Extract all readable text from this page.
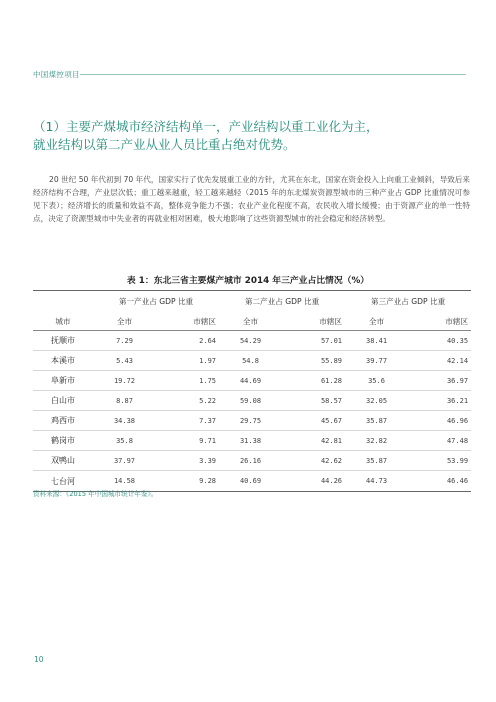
中国煤控项目
（1）主要产煤城市经济结构单一，产业结构以重工业化为主，
就业结构以第二产业从业人员比重占绝对优势。

20 世纪 50 年代初到 70 年代，国家实行了优先发展重工业的方针，尤其在东北，国家在资金投入上向重工业倾斜，导致后来经济结构不合理，产业层次低；重工越来越重，轻工越来越轻（2015 年的东北煤炭资源型城市的三种产业占 GDP 比重情况可参见下表）；经济增长的质量和效益不高，整体竞争能力不强；农业产业化程度不高，农民收入增长缓慢；由于资源产业的单一性特点，决定了资源型城市中失业者的再就业相对困难，极大地影响了这些资源型城市的社会稳定和经济转型。

表 1：东北三省主要煤产城市 2014 年三产业占比情况（%）
	第一产业占 GDP 比重		第二产业占 GDP 比重		第三产业占 GDP 比重	
城市	全市	市辖区	全市	市辖区	全市	市辖区
抚顺市	7.29	2.64	54.29	57.01	38.41	40.35
本溪市	5.43	1.97	54.8	55.89	39.77	42.14
阜新市	19.72	1.75	44.69	61.28	35.6	36.97
白山市	8.87	5.22	59.08	58.57	32.05	36.21
鸡西市	34.38	7.37	29.75	45.67	35.87	46.96
鹤岗市	35.8	9.71	31.38	42.81	32.82	47.48
双鸭山	37.97	3.39	26.16	42.62	35.87	53.99
七台河	14.58	9.28	40.69	44.26	44.73	46.46
资料来源：《2015 年中国城市统计年鉴》。
10
